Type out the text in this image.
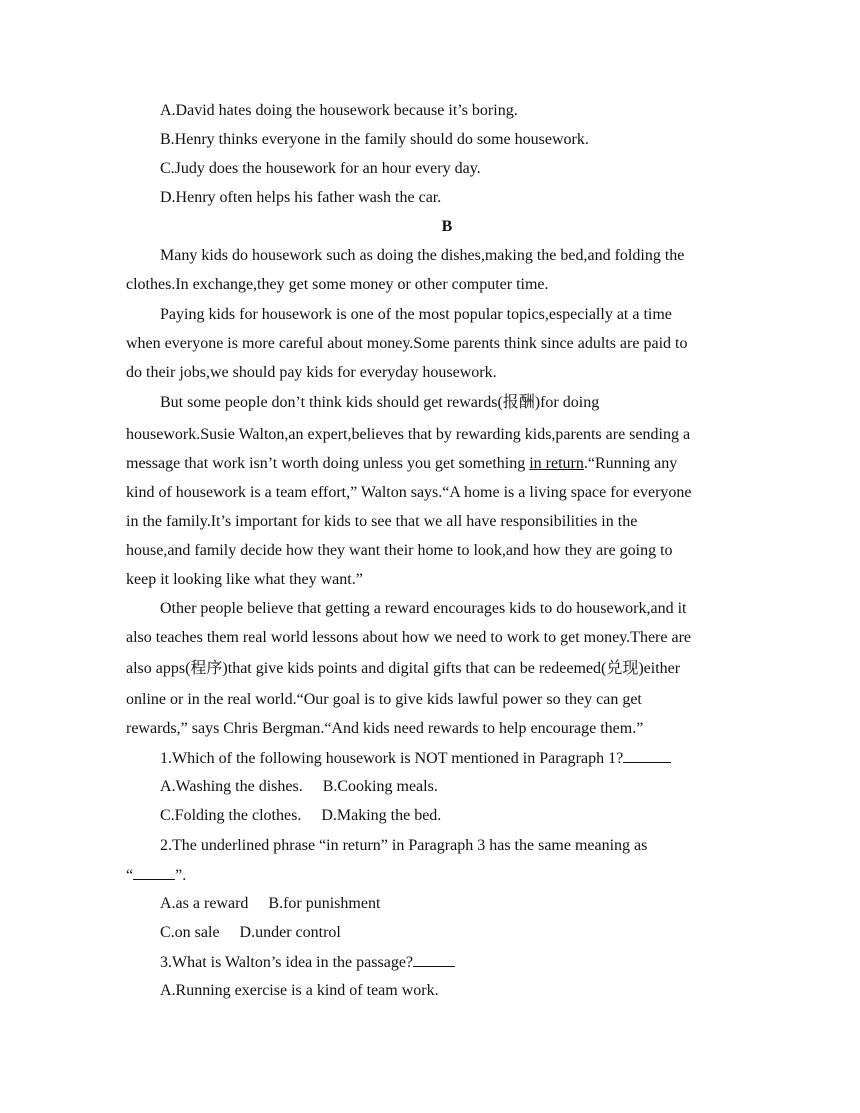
A.David hates doing the housework because it’s boring.
B.Henry thinks everyone in the family should do some housework.
C.Judy does the housework for an hour every day.
D.Henry often helps his father wash the car.
B
Many kids do housework such as doing the dishes,making the bed,and folding the
clothes.In exchange,they get some money or other computer time.
Paying kids for housework is one of the most popular topics,especially at a time
when everyone is more careful about money.Some parents think since adults are paid to
do their jobs,we should pay kids for everyday housework.
But some people don’t think kids should get rewards(报酬)for doing
housework.Susie Walton,an expert,believes that by rewarding kids,parents are sending a
message that work isn’t worth doing unless you get something in return.“Running any
kind of housework is a team effort,” Walton says.“A home is a living space for everyone
in the family.It’s important for kids to see that we all have responsibilities in the
house,and family decide how they want their home to look,and how they are going to
keep it looking like what they want.”
Other people believe that getting a reward encourages kids to do housework,and it
also teaches them real world lessons about how we need to work to get money.There are
also apps(程序)that give kids points and digital gifts that can be redeemed(兑现)either
online or in the real world.“Our goal is to give kids lawful power so they can get
rewards,” says Chris Bergman.“And kids need rewards to help encourage them.”
1.Which of the following housework is NOT mentioned in Paragraph 1?
A.Washing the dishes. B.Cooking meals.
C.Folding the clothes. D.Making the bed.
2.The underlined phrase “in return” in Paragraph 3 has the same meaning as
“	”.
A.as a reward B.for punishment
C.on sale D.under control
3.What is Walton’s idea in the passage?
A.Running exercise is a kind of team work.
